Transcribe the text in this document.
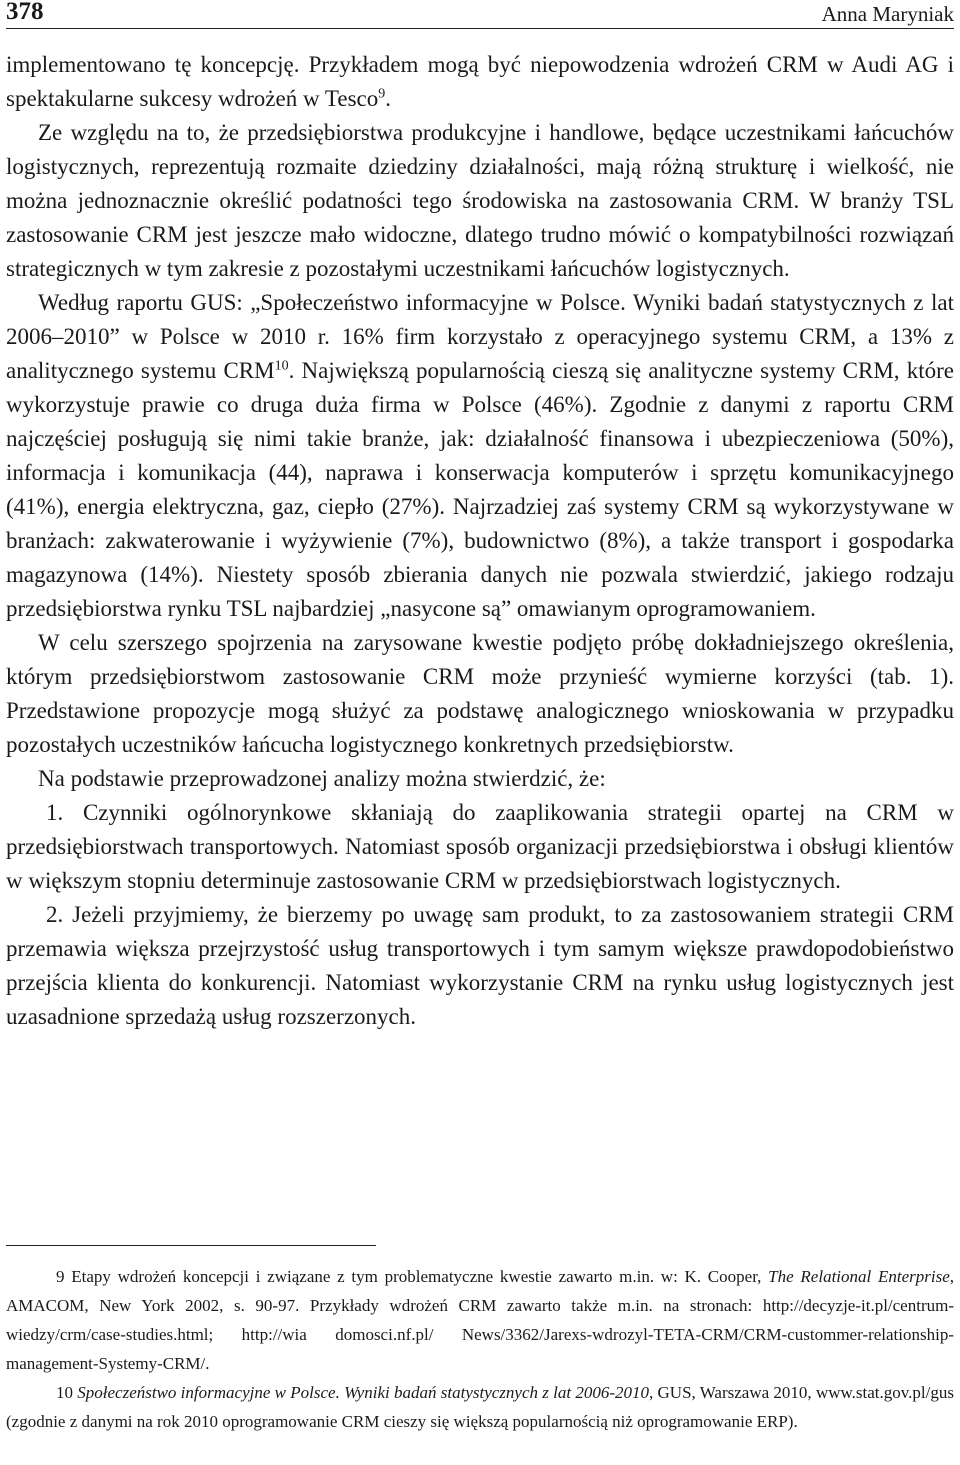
378	Anna Maryniak

implementowano tę koncepcję. Przykładem mogą być niepowodzenia wdrożeń CRM w Audi AG i spektakularne sukcesy wdrożeń w Tesco$^9$.

Ze względu na to, że przedsiębiorstwa produkcyjne i handlowe, będące uczestnikami łańcuchów logistycznych, reprezentują rozmaite dziedziny działalności, mają różną strukturę i wielkość, nie można jednoznacznie określić podatności tego środowiska na zastosowania CRM. W branży TSL zastosowanie CRM jest jeszcze mało widoczne, dlatego trudno mówić o kompatybilności rozwiązań strategicznych w tym zakresie z pozostałymi uczestnikami łańcuchów logistycznych.

Według raportu GUS: „Społeczeństwo informacyjne w Polsce. Wyniki badań statystycznych z lat 2006–2010” w Polsce w 2010 r. 16% firm korzystało z operacyjnego systemu CRM, a 13% z analitycznego systemu CRM$^{10}$. Największą popularnością cieszą się analityczne systemy CRM, które wykorzystuje prawie co druga duża firma w Polsce (46%). Zgodnie z danymi z raportu CRM najczęściej posługują się nimi takie branże, jak: działalność finansowa i ubezpieczeniowa (50%), informacja i komunikacja (44), naprawa i konserwacja komputerów i sprzętu komunikacyjnego (41%), energia elektryczna, gaz, ciepło (27%). Najrzadziej zaś systemy CRM są wykorzystywane w branżach: zakwaterowanie i wyżywienie (7%), budownictwo (8%), a także transport i gospodarka magazynowa (14%). Niestety sposób zbierania danych nie pozwala stwierdzić, jakiego rodzaju przedsiębiorstwa rynku TSL najbardziej „nasycone są” omawianym oprogramowaniem.

W celu szerszego spojrzenia na zarysowane kwestie podjęto próbę dokładniejszego określenia, którym przedsiębiorstwom zastosowanie CRM może przynieść wymierne korzyści (tab. 1). Przedstawione propozycje mogą służyć za podstawę analogicznego wnioskowania w przypadku pozostałych uczestników łańcucha logistycznego konkretnych przedsiębiorstw.

Na podstawie przeprowadzonej analizy można stwierdzić, że:

1. Czynniki ogólnorynkowe skłaniają do zaaplikowania strategii opartej na CRM w przedsiębiorstwach transportowych. Natomiast sposób organizacji przedsiębiorstwa i obsługi klientów w większym stopniu determinuje zastosowanie CRM w przedsiębiorstwach logistycznych.

2. Jeżeli przyjmiemy, że bierzemy po uwagę sam produkt, to za zastosowaniem strategii CRM przemawia większa przejrzystość usług transportowych i tym samym większe prawdopodobieństwo przejścia klienta do konkurencji. Natomiast wykorzystanie CRM na rynku usług logistycznych jest uzasadnione sprzedażą usług rozszerzonych.

9 Etapy wdrożeń koncepcji i związane z tym problematyczne kwestie zawarto m.in. w: K. Cooper, The Relational Enterprise, AMACOM, New York 2002, s. 90-97. Przykłady wdrożeń CRM zawarto także m.in. na stronach: http://decyzje-it.pl/centrum-wiedzy/crm/case-studies.html; http://wia domosci.nf.pl/ News/3362/Jarexs-wdrozyl-TETA-CRM/CRM-custommer-relationship-management-Systemy-CRM/.

10 Społeczeństwo informacyjne w Polsce. Wyniki badań statystycznych z lat 2006-2010, GUS, Warszawa 2010, www.stat.gov.pl/gus (zgodnie z danymi na rok 2010 oprogramowanie CRM cieszy się większą popularnością niż oprogramowanie ERP).
